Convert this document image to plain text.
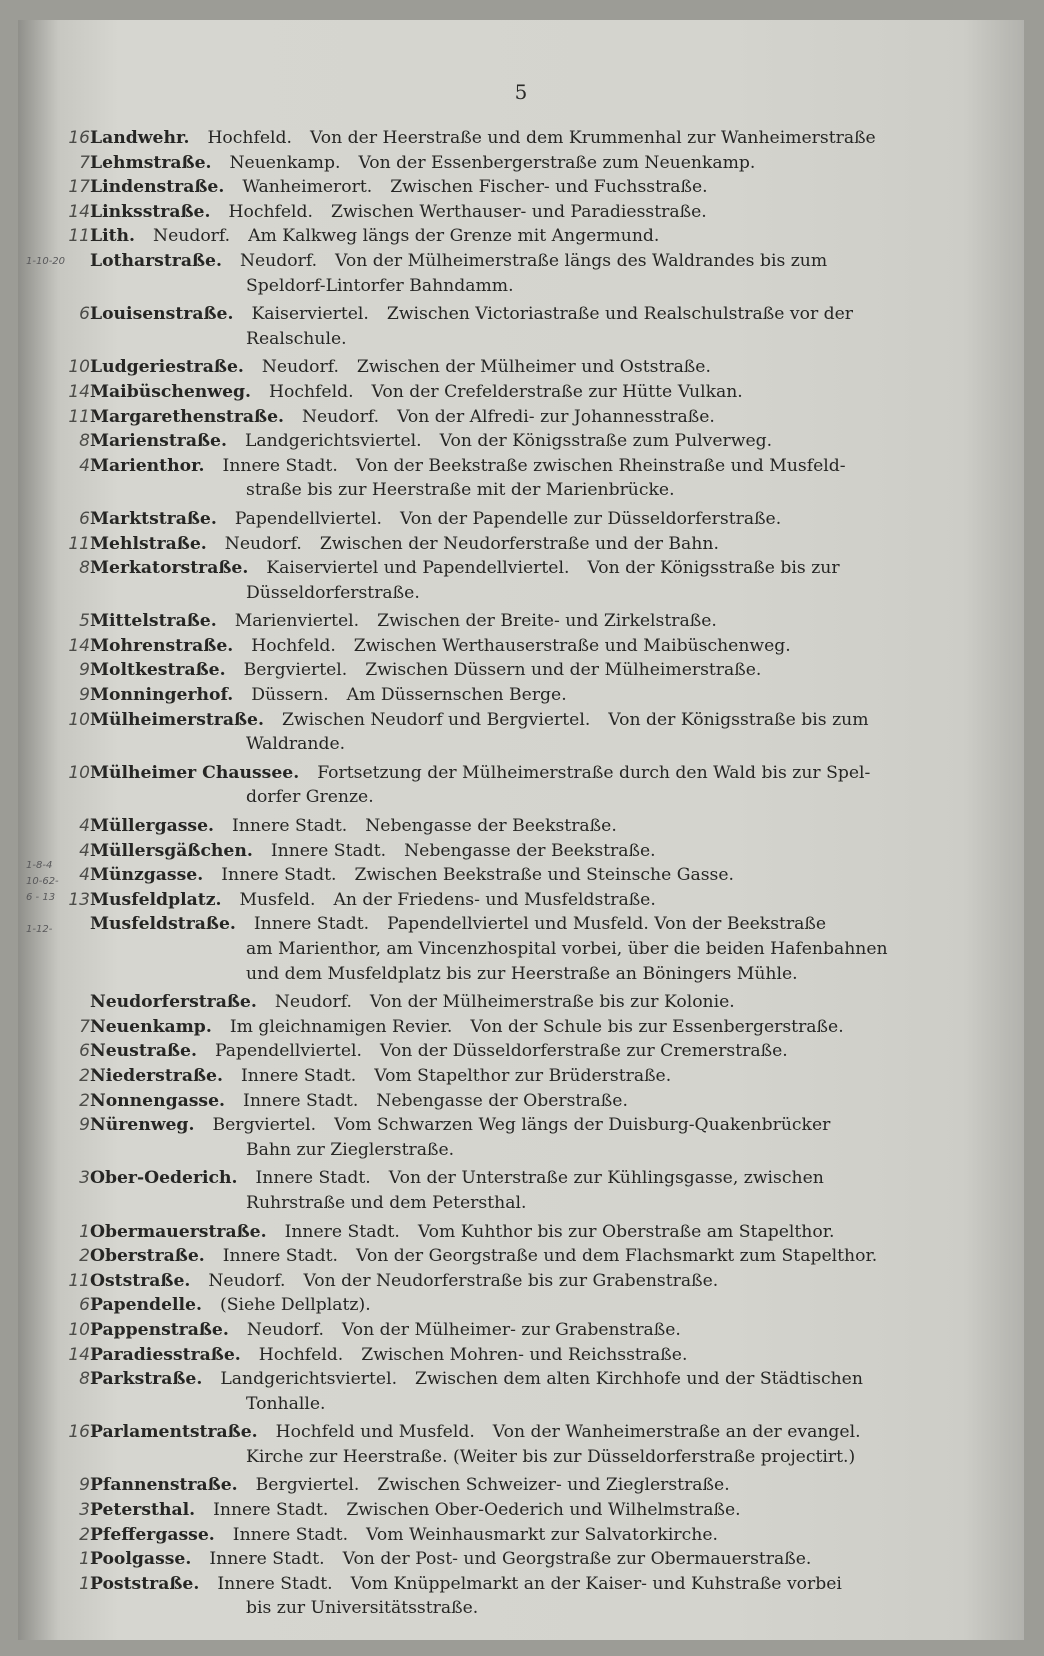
5
1-10-20
1-8-4
10-62-
6 - 13
1-12-
16 Landwehr. Hochfeld. Von der Heerstraße und dem Krummenhal zur Wanheimerstraße
7 Lehmstraße. Neuenkamp. Von der Essenbergerstraße zum Neuenkamp.
17 Lindenstraße. Wanheimerort. Zwischen Fischer- und Fuchsstraße.
14 Linksstraße. Hochfeld. Zwischen Werthauser- und Paradiesstraße.
11 Lith. Neudorf. Am Kalkweg längs der Grenze mit Angermund.
Lotharstraße. Neudorf. Von der Mülheimerstraße längs des Waldrandes bis zum
Speldorf-Lintorfer Bahndamm.
6 Louisenstraße. Kaiserviertel. Zwischen Victoriastraße und Realschulstraße vor der
Realschule.
10 Ludgeriestraße. Neudorf. Zwischen der Mülheimer und Oststraße.
14 Maibüschenweg. Hochfeld. Von der Crefelderstraße zur Hütte Vulkan.
11 Margarethenstraße. Neudorf. Von der Alfredi- zur Johannesstraße.
8 Marienstraße. Landgerichtsviertel. Von der Königsstraße zum Pulverweg.
4 Marienthor. Innere Stadt. Von der Beekstraße zwischen Rheinstraße und Musfeld-
straße bis zur Heerstraße mit der Marienbrücke.
6 Marktstraße. Papendellviertel. Von der Papendelle zur Düsseldorferstraße.
11 Mehlstraße. Neudorf. Zwischen der Neudorferstraße und der Bahn.
8 Merkatorstraße. Kaiserviertel und Papendellviertel. Von der Königsstraße bis zur
Düsseldorferstraße.
5 Mittelstraße. Marienviertel. Zwischen der Breite- und Zirkelstraße.
14 Mohrenstraße. Hochfeld. Zwischen Werthauserstraße und Maibüschenweg.
9 Moltkestraße. Bergviertel. Zwischen Düssern und der Mülheimerstraße.
9 Monningerhof. Düssern. Am Düssernschen Berge.
10 Mülheimerstraße. Zwischen Neudorf und Bergviertel. Von der Königsstraße bis zum
Waldrande.
10 Mülheimer Chaussee. Fortsetzung der Mülheimerstraße durch den Wald bis zur Spel-
dorfer Grenze.
4 Müllergasse. Innere Stadt. Nebengasse der Beekstraße.
4 Müllersgäßchen. Innere Stadt. Nebengasse der Beekstraße.
4 Münzgasse. Innere Stadt. Zwischen Beekstraße und Steinsche Gasse.
13 Musfeldplatz. Musfeld. An der Friedens- und Musfeldstraße.
Musfeldstraße. Innere Stadt. Papendellviertel und Musfeld. Von der Beekstraße
am Marienthor, am Vincenzhospital vorbei, über die beiden Hafenbahnen
und dem Musfeldplatz bis zur Heerstraße an Böningers Mühle.
Neudorferstraße. Neudorf. Von der Mülheimerstraße bis zur Kolonie.
7 Neuenkamp. Im gleichnamigen Revier. Von der Schule bis zur Essenbergerstraße.
6 Neustraße. Papendellviertel. Von der Düsseldorferstraße zur Cremerstraße.
2 Niederstraße. Innere Stadt. Vom Stapelthor zur Brüderstraße.
2 Nonnengasse. Innere Stadt. Nebengasse der Oberstraße.
9 Nürenweg. Bergviertel. Vom Schwarzen Weg längs der Duisburg-Quakenbrücker
Bahn zur Zieglerstraße.
3 Ober-Oederich. Innere Stadt. Von der Unterstraße zur Kühlingsgasse, zwischen
Ruhrstraße und dem Petersthal.
1 Obermauerstraße. Innere Stadt. Vom Kuhthor bis zur Oberstraße am Stapelthor.
2 Oberstraße. Innere Stadt. Von der Georgstraße und dem Flachsmarkt zum Stapelthor.
11 Oststraße. Neudorf. Von der Neudorferstraße bis zur Grabenstraße.
6 Papendelle. (Siehe Dellplatz).
10 Pappenstraße. Neudorf. Von der Mülheimer- zur Grabenstraße.
14 Paradiesstraße. Hochfeld. Zwischen Mohren- und Reichsstraße.
8 Parkstraße. Landgerichtsviertel. Zwischen dem alten Kirchhofe und der Städtischen
Tonhalle.
16 Parlamentstraße. Hochfeld und Musfeld. Von der Wanheimerstraße an der evangel.
Kirche zur Heerstraße. (Weiter bis zur Düsseldorferstraße projectirt.)
9 Pfannenstraße. Bergviertel. Zwischen Schweizer- und Zieglerstraße.
3 Petersthal. Innere Stadt. Zwischen Ober-Oederich und Wilhelmstraße.
2 Pfeffergasse. Innere Stadt. Vom Weinhausmarkt zur Salvatorkirche.
1 Poolgasse. Innere Stadt. Von der Post- und Georgstraße zur Obermauerstraße.
1 Poststraße. Innere Stadt. Vom Knüppelmarkt an der Kaiser- und Kuhstraße vorbei
bis zur Universitätsstraße.
